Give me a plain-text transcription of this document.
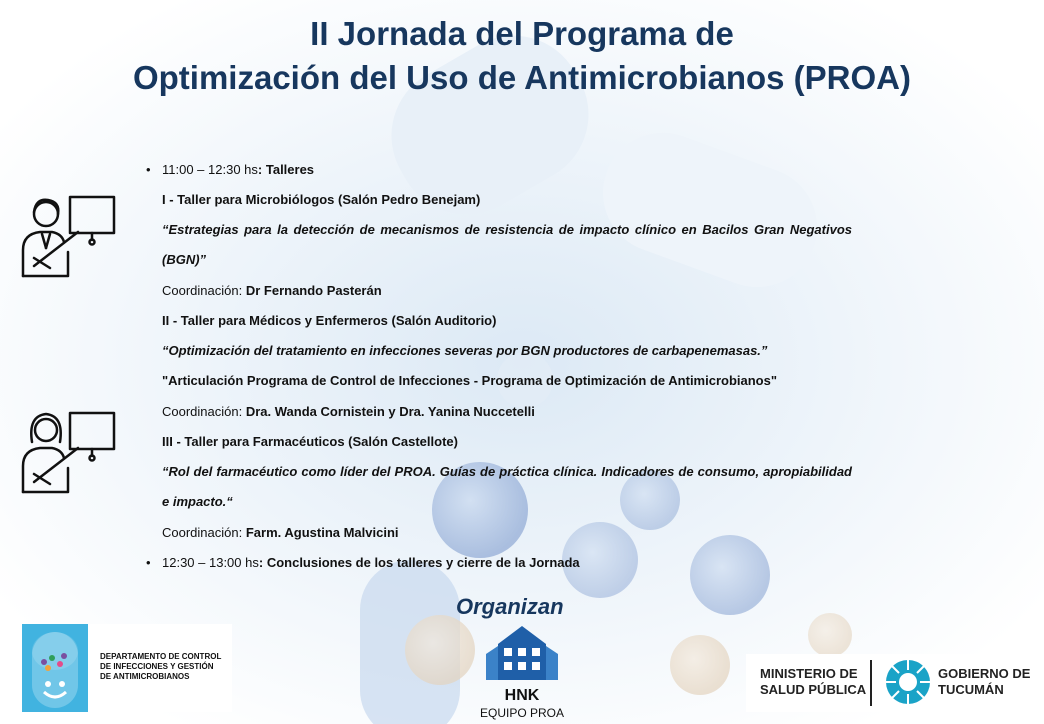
II Jornada del Programa de
Optimización del Uso de Antimicrobianos (PROA)
• 11:00 – 12:30 hs: Talleres
I - Taller para Microbiólogos (Salón Pedro Benejam)
“Estrategias para la detección de mecanismos de resistencia de impacto clínico en Bacilos Gran Negativos
(BGN)”
Coordinación: Dr Fernando Pasterán
II - Taller para Médicos y Enfermeros (Salón Auditorio)
“Optimización del tratamiento en infecciones severas por BGN productores de carbapenemasas.”
"Articulación Programa de Control de Infecciones - Programa de Optimización de Antimicrobianos"
Coordinación: Dra. Wanda Cornistein y Dra. Yanina Nuccetelli
III - Taller para Farmacéuticos (Salón Castellote)
“Rol del farmacéutico como líder del PROA. Guías de práctica clínica. Indicadores de consumo, apropiabilidad
e impacto.“
Coordinación: Farm. Agustina Malvicini
• 12:30 – 13:00 hs: Conclusiones de los talleres y cierre de la Jornada
Organizan
DEPARTAMENTO DE CONTROL
DE INFECCIONES Y GESTIÓN
DE ANTIMICROBIANOS
HNK
EQUIPO PROA
MINISTERIO DE
SALUD PÚBLICA
GOBIERNO DE
TUCUMÁN
